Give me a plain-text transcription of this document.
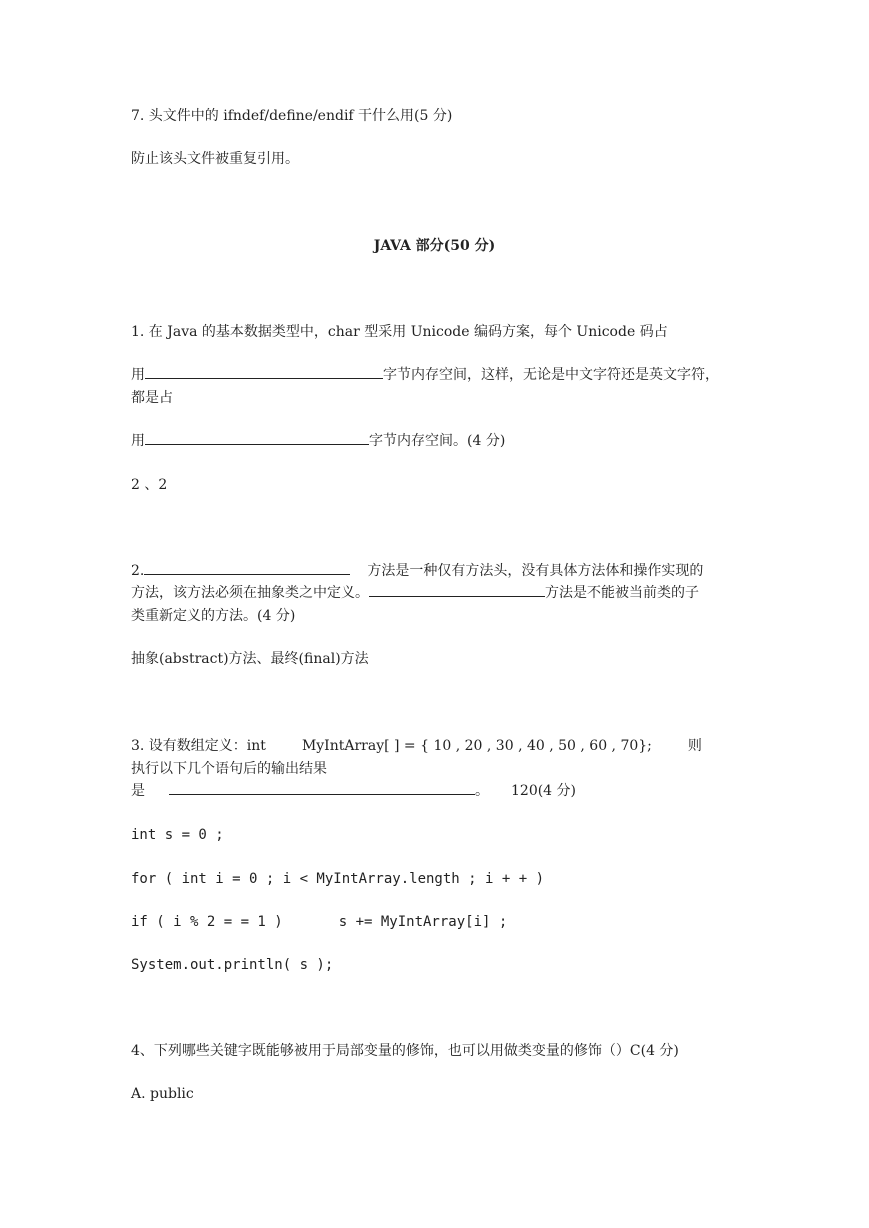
7. 头文件中的 ifndef/define/endif 干什么用(5 分)
防止该头文件被重复引用。
JAVA 部分(50 分)
1. 在 Java 的基本数据类型中，char 型采用 Unicode 编码方案，每个 Unicode 码占
用	字节内存空间，这样，无论是中文字符还是英文字符，
都是占
用	字节内存空间。(4 分)
2 、2
2.	方法是一种仅有方法头，没有具体方法体和操作实现的
方法，该方法必须在抽象类之中定义。	方法是不能被当前类的子
类重新定义的方法。(4 分)
抽象(abstract)方法、最终(final)方法
3. 设有数组定义：int	MyIntArray[ ] = { 10 , 20 , 30 , 40 , 50 , 60 , 70};	则
执行以下几个语句后的输出结果
是	。 120(4 分)
int s = 0 ;
for ( int i = 0 ; i < MyIntArray.length ; i + + )
if ( i % 2 = = 1 )	s += MyIntArray[i] ;
System.out.println( s );
4、下列哪些关键字既能够被用于局部变量的修饰，也可以用做类变量的修饰（）C(4 分)
A. public
